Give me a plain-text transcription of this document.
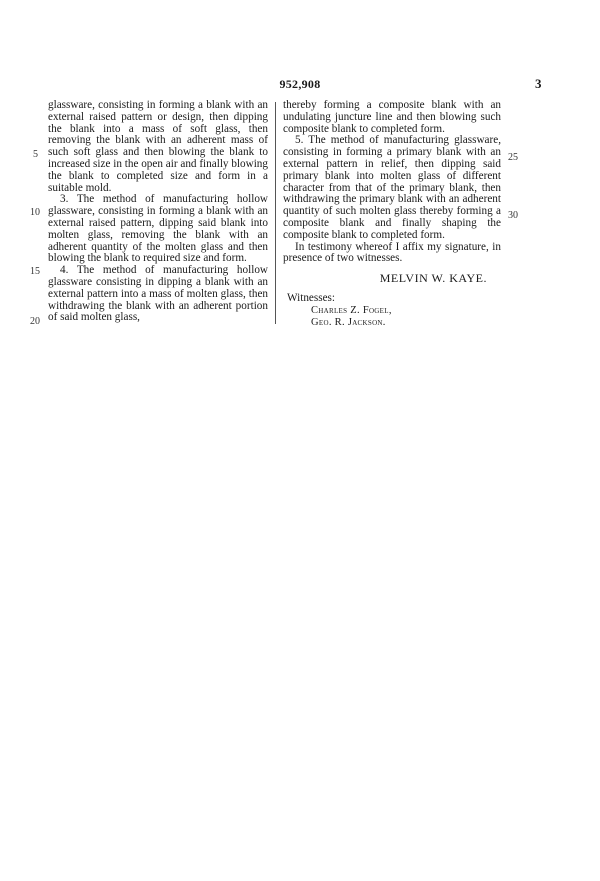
952,908	3

glassware, consisting in forming a blank with an external raised pattern or design, then dipping the blank into a mass of soft glass, then removing the blank with an adherent mass of such soft glass and then blowing the blank to increased size in the open air and finally blowing the blank to completed size and form in a suitable mold.

3. The method of manufacturing hollow glassware, consisting in forming a blank with an external raised pattern, dipping said blank into molten glass, removing the blank with an adherent quantity of the molten glass and then blowing the blank to required size and form.

4. The method of manufacturing hollow glassware consisting in dipping a blank with an external pattern into a mass of molten glass, then withdrawing the blank with an adherent portion of said molten glass,

thereby forming a composite blank with an undulating juncture line and then blowing such composite blank to completed form.

5. The method of manufacturing glassware, consisting in forming a primary blank with an external pattern in relief, then dipping said primary blank into molten glass of different character from that of the primary blank, then withdrawing the primary blank with an adherent quantity of such molten glass thereby forming a composite blank and finally shaping the composite blank to completed form.

In testimony whereof I affix my signature, in presence of two witnesses.

MELVIN W. KAYE.
Witnesses:
Charles Z. Fogel,
Geo. R. Jackson.
5
10
15
20
25
30
